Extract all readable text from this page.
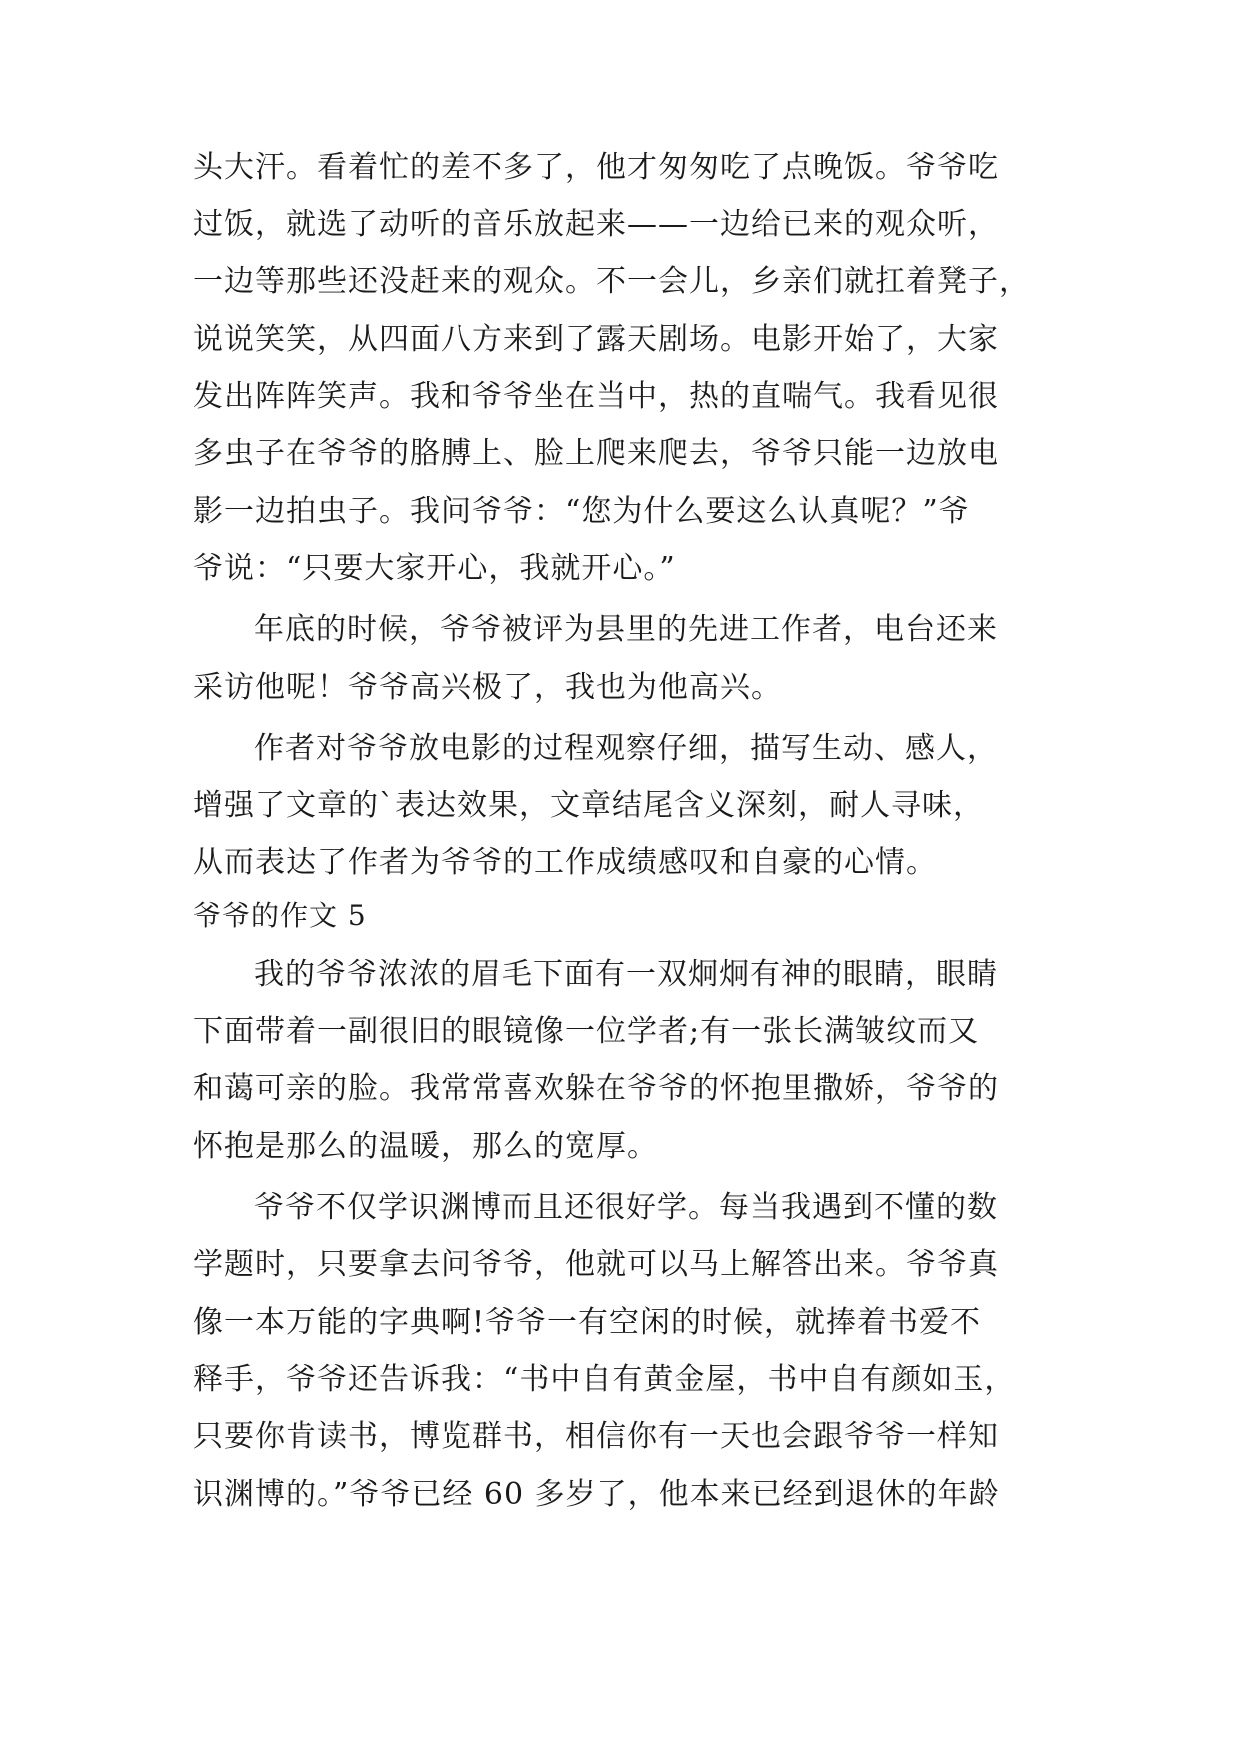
头大汗。看着忙的差不多了，他才匆匆吃了点晚饭。爷爷吃
过饭，就选了动听的音乐放起来——一边给已来的观众听，
一边等那些还没赶来的观众。不一会儿，乡亲们就扛着凳子，
说说笑笑，从四面八方来到了露天剧场。电影开始了，大家
发出阵阵笑声。我和爷爷坐在当中，热的直喘气。我看见很
多虫子在爷爷的胳膊上、脸上爬来爬去，爷爷只能一边放电
影一边拍虫子。我问爷爷：“您为什么要这么认真呢？”爷
爷说：“只要大家开心，我就开心。”
年底的时候，爷爷被评为县里的先进工作者，电台还来
采访他呢！爷爷高兴极了，我也为他高兴。
作者对爷爷放电影的过程观察仔细，描写生动、感人，
增强了文章的`表达效果，文章结尾含义深刻，耐人寻味，
从而表达了作者为爷爷的工作成绩感叹和自豪的心情。
爷爷的作文 5
我的爷爷浓浓的眉毛下面有一双炯炯有神的眼睛，眼睛
下面带着一副很旧的眼镜像一位学者;有一张长满皱纹而又
和蔼可亲的脸。我常常喜欢躲在爷爷的怀抱里撒娇，爷爷的
怀抱是那么的温暖，那么的宽厚。
爷爷不仅学识渊博而且还很好学。每当我遇到不懂的数
学题时，只要拿去问爷爷，他就可以马上解答出来。爷爷真
像一本万能的字典啊!爷爷一有空闲的时候，就捧着书爱不
释手，爷爷还告诉我：“书中自有黄金屋，书中自有颜如玉，
只要你肯读书，博览群书，相信你有一天也会跟爷爷一样知
识渊博的。”爷爷已经 60 多岁了，他本来已经到退休的年龄
